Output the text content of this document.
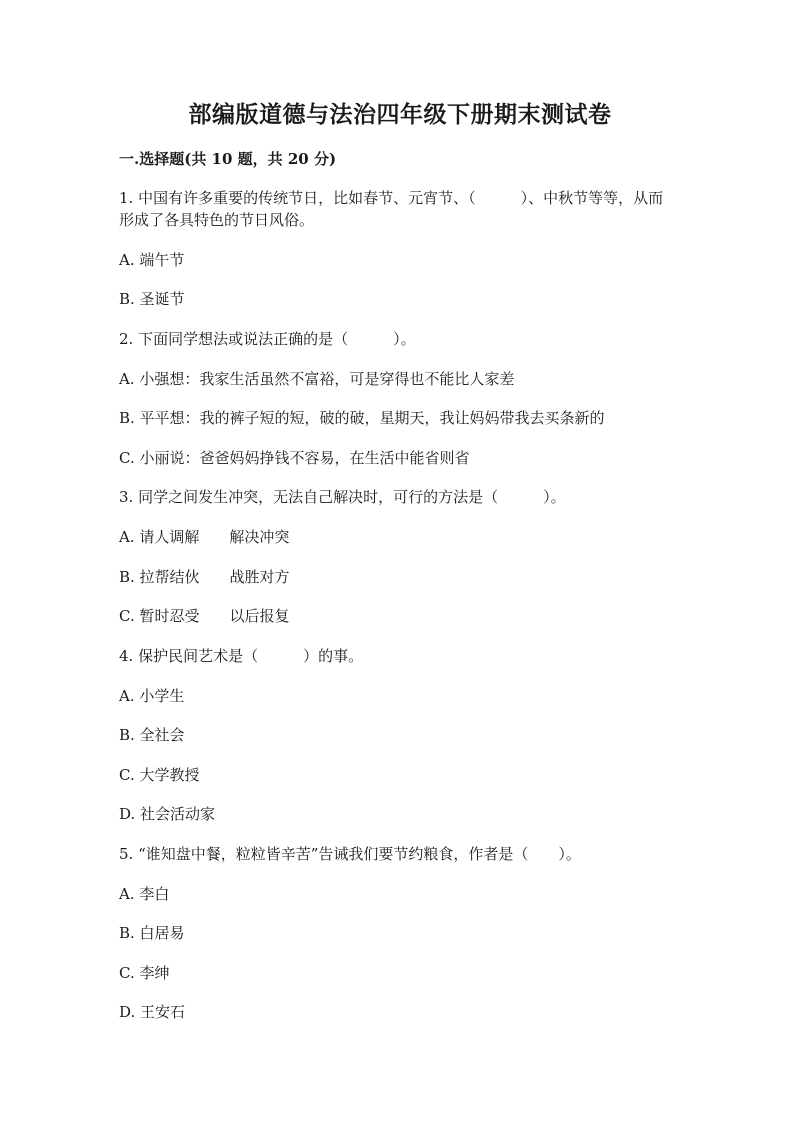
部编版道德与法治四年级下册期末测试卷
一.选择题(共 10 题，共 20 分)
1. 中国有许多重要的传统节日，比如春节、元宵节、（　　　）、中秋节等等，从而形成了各具特色的节日风俗。
A. 端午节
B. 圣诞节
2. 下面同学想法或说法正确的是（　　　）。
A. 小强想：我家生活虽然不富裕，可是穿得也不能比人家差
B. 平平想：我的裤子短的短，破的破，星期天，我让妈妈带我去买条新的
C. 小丽说：爸爸妈妈挣钱不容易，在生活中能省则省
3. 同学之间发生冲突，无法自己解决时，可行的方法是（　　　）。
A. 请人调解　　解决冲突
B. 拉帮结伙　　战胜对方
C. 暂时忍受　　以后报复
4. 保护民间艺术是（　　　）的事。
A. 小学生
B. 全社会
C. 大学教授
D. 社会活动家
5. “谁知盘中餐，粒粒皆辛苦”告诫我们要节约粮食，作者是（　　）。
A. 李白
B. 白居易
C. 李绅
D. 王安石
